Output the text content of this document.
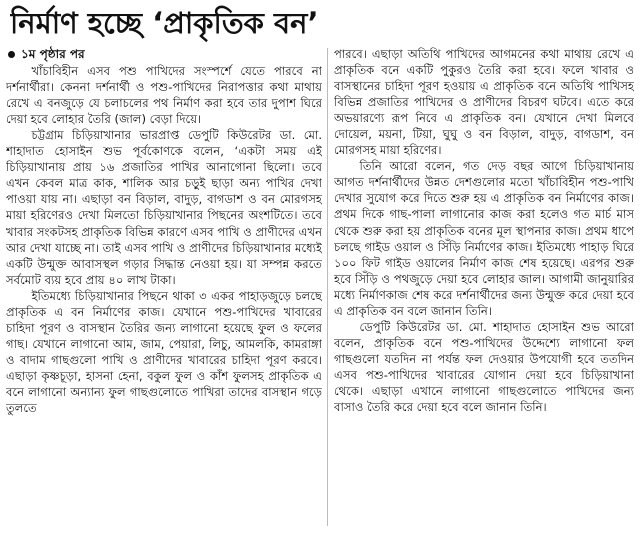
নির্মাণ হচ্ছে ‘প্রাকৃতিক বন’
১ম পৃষ্ঠার পর

খাঁচাবিহীন এসব পশু পাখিদের সংস্পর্শে যেতে পারবে না দর্শনার্থীরা। কেননা দর্শনার্থী ও পশু-পাখিদের নিরাপত্তার কথা মাথায় রেখে এ বনজুড়ে যে চলাচলের পথ নির্মাণ করা হবে তার দুপাশ ঘিরে দেয়া হবে লোহার তৈরি (জাল) বেড়া দিয়ে।

চট্টগ্রাম চিড়িয়াখানার ভারপ্রাপ্ত ডেপুটি কিউরেটর ডা. মো. শাহাদাত হোসাইন শুভ পূর্বকোণকে বলেন, ‘একটা সময় এই চিড়িয়াখানায় প্রায় ১৬ প্রজাতির পাখির আনাগোনা ছিলো। তবে এখন কেবল মাত্র কাক, শালিক আর চড়ুই ছাড়া অন্য পাখির দেখা পাওয়া যায় না। এছাড়া বন বিড়াল, বাদুড়, বাগডাশ ও বন মোরগসহ মায়া হরিণেরও দেখা মিলতো চিড়িয়াখানার পিছনের অংশটিতে। তবে খাবার সংকটসহ প্রাকৃতিক বিভিন্ন কারণে এসব পাখি ও প্রাণীদের এখন আর দেখা যাচ্ছে না। তাই এসব পাখি ও প্রাণীদের চিড়িয়াখানার মধ্যেই একটি উন্মুক্ত আবাসস্থল গড়ার সিদ্ধান্ত নেওয়া হয়। যা সম্পন্ন করতে সর্বমোট ব্যয় হবে প্রায় ৪০ লাখ টাকা।

ইতিমধ্যে চিড়িয়াখানার পিছনে থাকা ৩ একর পাহাড়জুড়ে চলছে প্রাকৃতিক এ বন নির্মাণের কাজ। যেখানে পশু-পাখিদের খাবারের চাহিদা পূরণ ও বাসস্থান তৈরির জন্য লাগানো হয়েছে ফুল ও ফলের গাছ। যেখানে লাগানো আম, জাম, পেয়ারা, লিচু, আমলকি, কামরাঙ্গা ও বাদাম গাছগুলো পাখি ও প্রাণীদের খাবারের চাহিদা পূরণ করবে। এছাড়া কৃষ্ণচূড়া, হাসনা হেনা, বকুল ফুল ও কাঁশ ফুলসহ প্রাকৃতিক এ বনে লাগানো অন্যান্য ফুল গাছগুলোতে পাখিরা তাদের বাসস্থান গড়ে তুলতে

পারবে। এছাড়া অতিথি পাখিদের আগমনের কথা মাথায় রেখে এ প্রাকৃতিক বনে একটি পুকুরও তৈরি করা হবে। ফলে খাবার ও বাসস্থানের চাহিদা পূরণ হওয়ায় এ প্রাকৃতিক বনে অতিথি পাখিসহ বিভিন্ন প্রজাতির পাখিদের ও প্রাণীদের বিচরণ ঘটবে। এতে করে অভয়ারণ্যে রূপ নিবে এ প্রাকৃতিক বন। যেখানে দেখা মিলবে দোয়েল, ময়না, টিয়া, ঘুঘু ও বন বিড়াল, বাদুড়, বাগডাশ, বন মোরগসহ মায়া হরিণের।

তিনি আরো বলেন, গত দেড় বছর আগে চিড়িয়াখানায় আগত দর্শনার্থীদের উন্নত দেশগুলোর মতো খাঁচাবিহীন পশু-পাখি দেখার সুযোগ করে দিতে শুরু হয় এ প্রাকৃতিক বন নির্মাণের কাজ। প্রথম দিকে গাছ-পালা লাগানোর কাজ করা হলেও গত মার্চ মাস থেকে শুরু করা হয় প্রাকৃতিক বনের মূল স্থাপনার কাজ। প্রথম ধাপে চলছে গাইড ওয়াল ও সিঁড়ি নির্মাণের কাজ। ইতিমধ্যে পাহাড় ঘিরে ১০০ ফিট গাইড ওয়ালের নির্মাণ কাজ শেষ হয়েছে। এরপর শুরু হবে সিঁড়ি ও পথজুড়ে দেয়া হবে লোহার জাল। আগামী জানুয়ারির মধ্যে নির্মাণকাজ শেষ করে দর্শনার্থীদের জন্য উন্মুক্ত করে দেয়া হবে এ প্রাকৃতিক বন বলে জানান তিনি।

ডেপুটি কিউরেটর ডা. মো. শাহাদাত হোসাইন শুভ আরো বলেন, প্রাকৃতিক বনে পশু-পাখিদের উদ্দেশ্যে লাগানো ফল গাছগুলো যতদিন না পর্যন্ত ফল দেওয়ার উপযোগী হবে ততদিন এসব পশু-পাখিদের খাবারের যোগান দেয়া হবে চিড়িয়াখানা থেকে। এছাড়া এখানে লাগানো গাছগুলোতে পাখিদের জন্য বাসাও তৈরি করে দেয়া হবে বলে জানান তিনি।
